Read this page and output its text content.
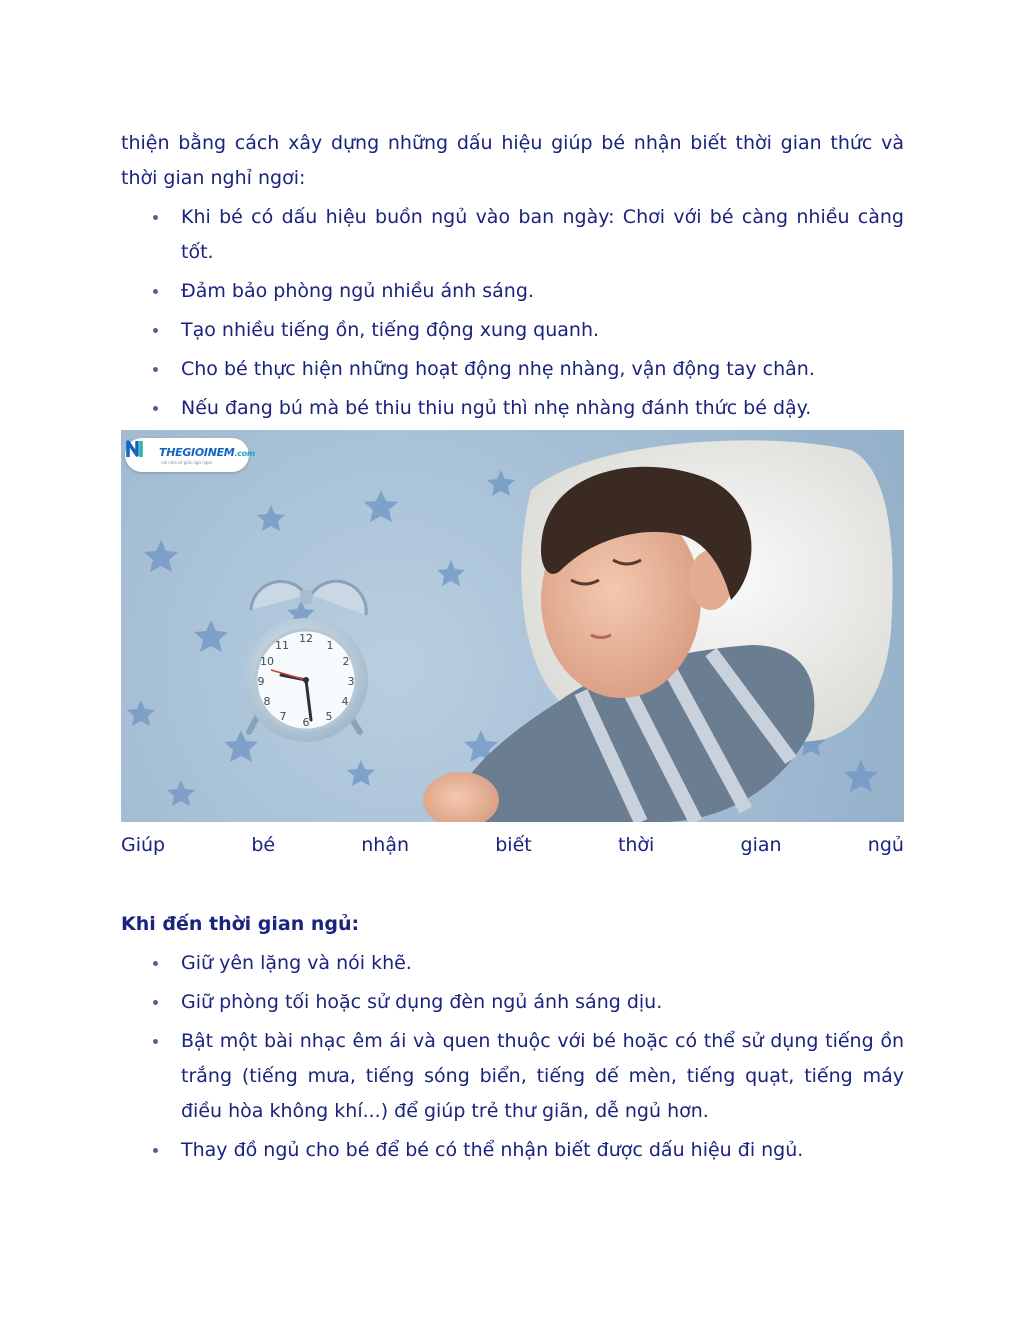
thiện bằng cách xây dựng những dấu hiệu giúp bé nhận biết thời gian thức và thời gian nghỉ ngơi:

Khi bé có dấu hiệu buồn ngủ vào ban ngày: Chơi với bé càng nhiều càng tốt.
Đảm bảo phòng ngủ nhiều ánh sáng.
Tạo nhiều tiếng ồn, tiếng động xung quanh.
Cho bé thực hiện những hoạt động nhẹ nhàng, vận động tay chân.
Nếu đang bú mà bé thiu thiu ngủ thì nhẹ nhàng đánh thức bé dậy.
12
1
2
3
4
5
6
7
8
9
10
11
THEGIOINEM.com
nơi chia sẻ giấc ngủ ngon
Giúp	bé	nhận	biết	thời	gian	ngủ

Khi đến thời gian ngủ:

Giữ yên lặng và nói khẽ.
Giữ phòng tối hoặc sử dụng đèn ngủ ánh sáng dịu.
Bật một bài nhạc êm ái và quen thuộc với bé hoặc có thể sử dụng tiếng ồn trắng (tiếng mưa, tiếng sóng biển, tiếng dế mèn, tiếng quạt, tiếng máy điều hòa không khí...) để giúp trẻ thư giãn, dễ ngủ hơn.
Thay đồ ngủ cho bé để bé có thể nhận biết được dấu hiệu đi ngủ.
